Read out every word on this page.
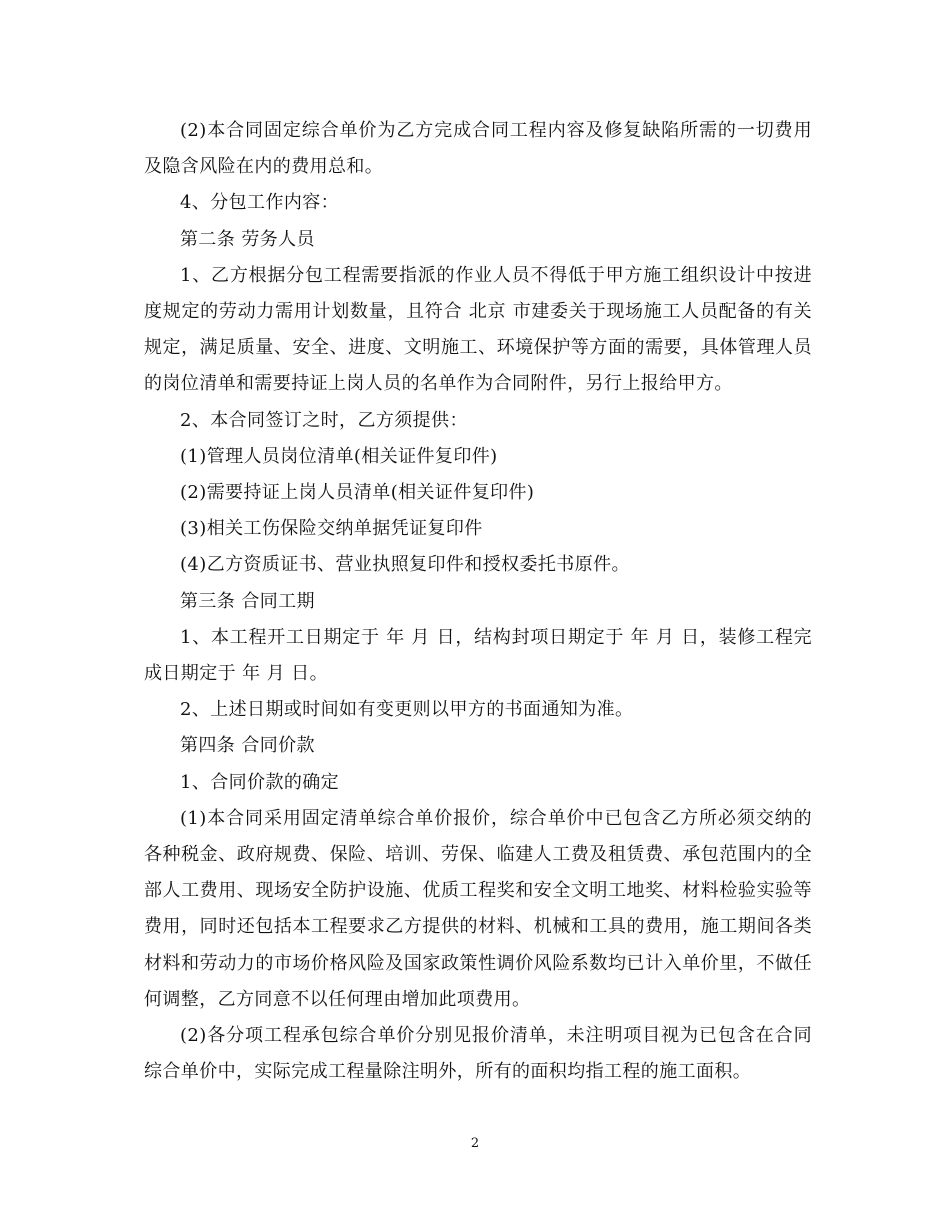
(2)本合同固定综合单价为乙方完成合同工程内容及修复缺陷所需的一切费用及隐含风险在内的费用总和。

4、分包工作内容：

第二条 劳务人员

1、乙方根据分包工程需要指派的作业人员不得低于甲方施工组织设计中按进度规定的劳动力需用计划数量，且符合 北京 市建委关于现场施工人员配备的有关规定，满足质量、安全、进度、文明施工、环境保护等方面的需要，具体管理人员的岗位清单和需要持证上岗人员的名单作为合同附件，另行上报给甲方。

2、本合同签订之时，乙方须提供：

(1)管理人员岗位清单(相关证件复印件)

(2)需要持证上岗人员清单(相关证件复印件)

(3)相关工伤保险交纳单据凭证复印件

(4)乙方资质证书、营业执照复印件和授权委托书原件。

第三条 合同工期

1、本工程开工日期定于 年 月 日，结构封项日期定于 年 月 日，装修工程完成日期定于 年 月 日。

2、上述日期或时间如有变更则以甲方的书面通知为准。

第四条 合同价款

1、合同价款的确定

(1)本合同采用固定清单综合单价报价，综合单价中已包含乙方所必须交纳的各种税金、政府规费、保险、培训、劳保、临建人工费及租赁费、承包范围内的全部人工费用、现场安全防护设施、优质工程奖和安全文明工地奖、材料检验实验等费用，同时还包括本工程要求乙方提供的材料、机械和工具的费用，施工期间各类材料和劳动力的市场价格风险及国家政策性调价风险系数均已计入单价里，不做任何调整，乙方同意不以任何理由增加此项费用。

(2)各分项工程承包综合单价分别见报价清单，未注明项目视为已包含在合同综合单价中，实际完成工程量除注明外，所有的面积均指工程的施工面积。

2
